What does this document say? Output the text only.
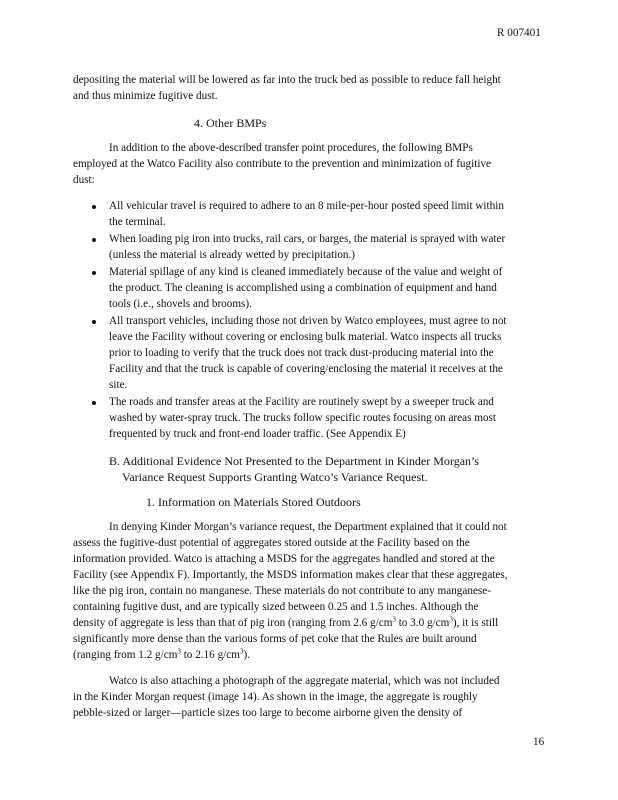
R 007401
depositing the material will be lowered as far into the truck bed as possible to reduce fall height
and thus minimize fugitive dust.
4. Other BMPs
In addition to the above-described transfer point procedures, the following BMPs
employed at the Watco Facility also contribute to the prevention and minimization of fugitive
dust:
All vehicular travel is required to adhere to an 8 mile-per-hour posted speed limit within
the terminal.
When loading pig iron into trucks, rail cars, or barges, the material is sprayed with water
(unless the material is already wetted by precipitation.)
Material spillage of any kind is cleaned immediately because of the value and weight of
the product. The cleaning is accomplished using a combination of equipment and hand
tools (i.e., shovels and brooms).
All transport vehicles, including those not driven by Watco employees, must agree to not
leave the Facility without covering or enclosing bulk material. Watco inspects all trucks
prior to loading to verify that the truck does not track dust-producing material into the
Facility and that the truck is capable of covering/enclosing the material it receives at the
site.
The roads and transfer areas at the Facility are routinely swept by a sweeper truck and
washed by water-spray truck. The trucks follow specific routes focusing on areas most
frequented by truck and front-end loader traffic. (See Appendix E)
B. Additional Evidence Not Presented to the Department in Kinder Morgan’s
Variance Request Supports Granting Watco’s Variance Request.
1. Information on Materials Stored Outdoors
In denying Kinder Morgan’s variance request, the Department explained that it could not
assess the fugitive-dust potential of aggregates stored outside at the Facility based on the
information provided. Watco is attaching a MSDS for the aggregates handled and stored at the
Facility (see Appendix F). Importantly, the MSDS information makes clear that these aggregates,
like the pig iron, contain no manganese. These materials do not contribute to any manganese-
containing fugitive dust, and are typically sized between 0.25 and 1.5 inches. Although the
density of aggregate is less than that of pig iron (ranging from 2.6 $g/cm^3$ to 3.0 $g/cm^3$), it is still
significantly more dense than the various forms of pet coke that the Rules are built around
(ranging from 1.2 $g/cm^3$ to 2.16 $g/cm^3$).
Watco is also attaching a photograph of the aggregate material, which was not included
in the Kinder Morgan request (image 14). As shown in the image, the aggregate is roughly
pebble-sized or larger—particle sizes too large to become airborne given the density of
16
